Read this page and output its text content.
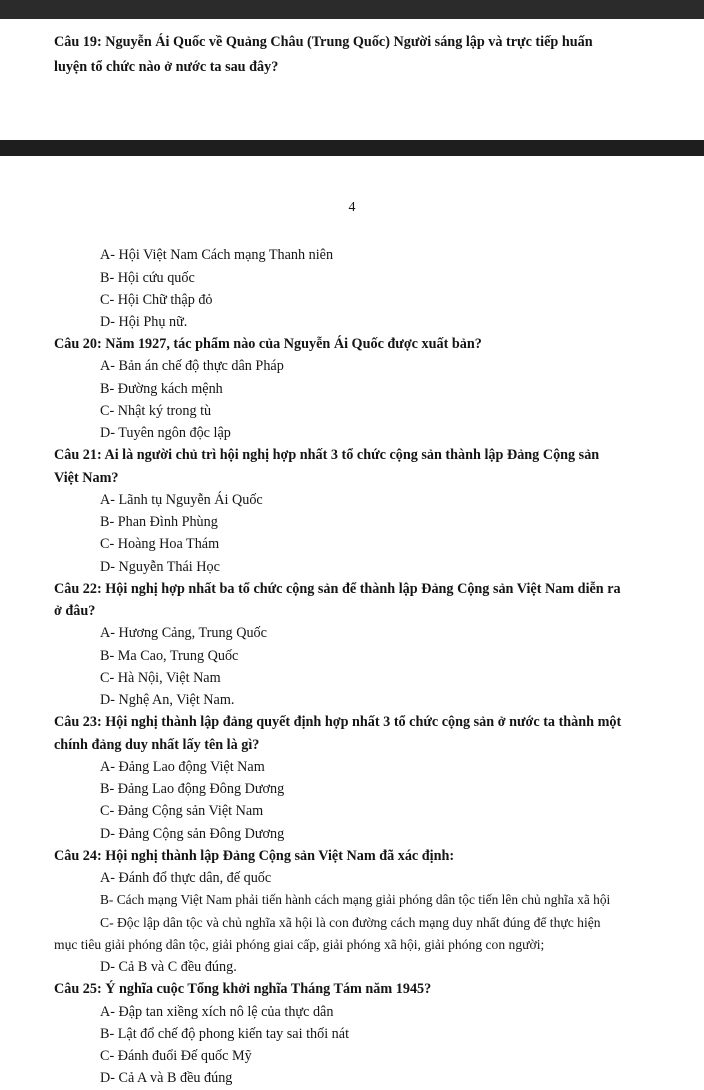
Câu 19: Nguyễn Ái Quốc về Quảng Châu (Trung Quốc) Người sáng lập và trực tiếp huấn
luyện tổ chức nào ở nước ta sau đây?
4
A- Hội Việt Nam Cách mạng Thanh niên
B- Hội cứu quốc
C- Hội Chữ thập đỏ
D- Hội Phụ nữ.
Câu 20: Năm 1927, tác phẩm nào của Nguyễn Ái Quốc được xuất bản?
A- Bản án chế độ thực dân Pháp
B- Đường kách mệnh
C- Nhật ký trong tù
D- Tuyên ngôn độc lập
Câu 21: Ai là người chủ trì hội nghị hợp nhất 3 tổ chức cộng sản thành lập Đảng Cộng sản
Việt Nam?
A- Lãnh tụ Nguyễn Ái Quốc
B- Phan Đình Phùng
C- Hoàng Hoa Thám
D- Nguyễn Thái Học
Câu 22: Hội nghị hợp nhất ba tổ chức cộng sản để thành lập Đảng Cộng sản Việt Nam diễn ra
ở đâu?
A- Hương Cảng, Trung Quốc
B- Ma Cao, Trung Quốc
C- Hà Nội, Việt Nam
D- Nghệ An, Việt Nam.
Câu 23: Hội nghị thành lập đảng quyết định hợp nhất 3 tổ chức cộng sản ở nước ta thành một
chính đảng duy nhất lấy tên là gì?
A- Đảng Lao động Việt Nam
B- Đảng Lao động Đông Dương
C- Đảng Cộng sản Việt Nam
D- Đảng Cộng sản Đông Dương
Câu 24: Hội nghị thành lập Đảng Cộng sản Việt Nam đã xác định:
A- Đánh đổ thực dân, đế quốc
B- Cách mạng Việt Nam phải tiến hành cách mạng giải phóng dân tộc tiến lên chủ nghĩa xã hội
C- Độc lập dân tộc và chủ nghĩa xã hội là con đường cách mạng duy nhất đúng để thực hiện
mục tiêu giải phóng dân tộc, giải phóng giai cấp, giải phóng xã hội, giải phóng con người;
D- Cả B và C đều đúng.
Câu 25: Ý nghĩa cuộc Tổng khởi nghĩa Tháng Tám năm 1945?
A- Đập tan xiềng xích nô lệ của thực dân
B- Lật đổ chế độ phong kiến tay sai thối nát
C- Đánh đuổi Đế quốc Mỹ
D- Cả A và B đều đúng
